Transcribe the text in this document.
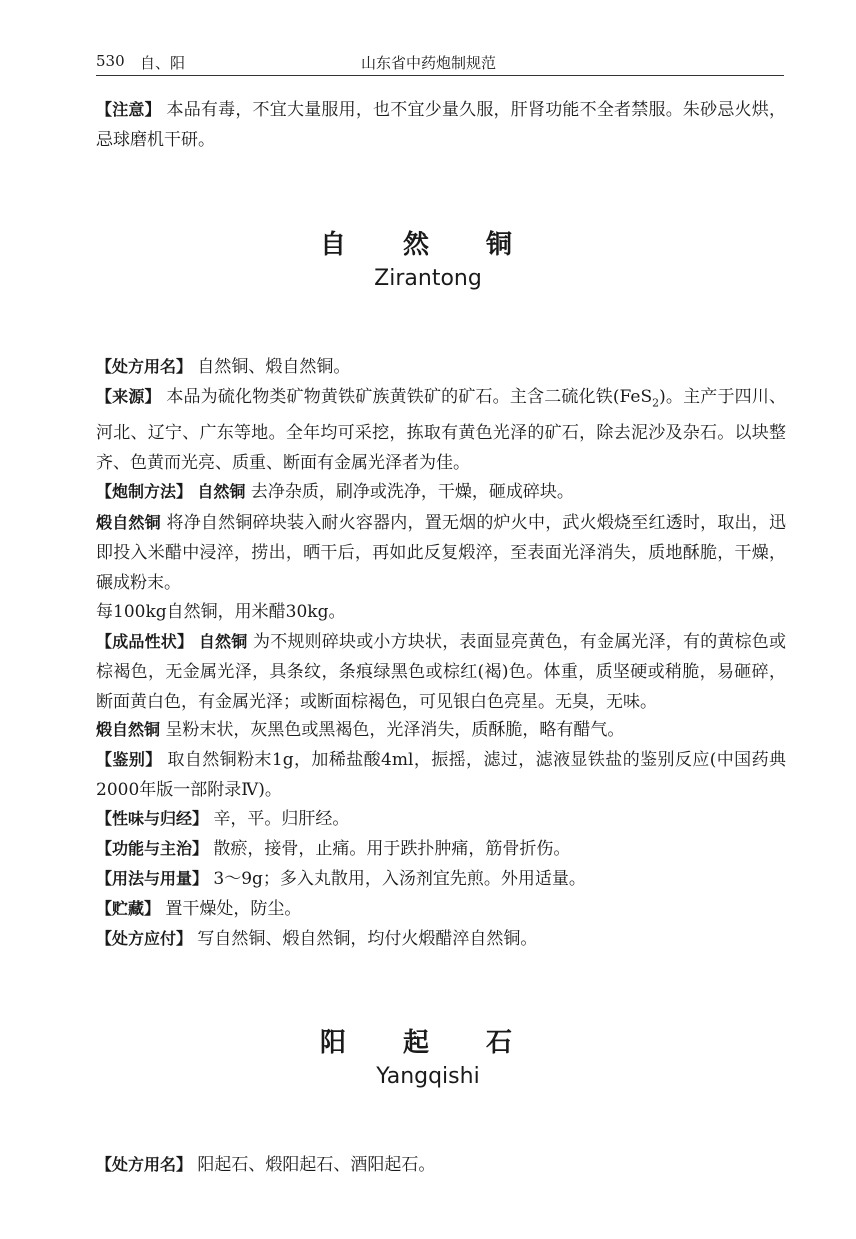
530 自、阳	山东省中药炮制规范

【注意】 本品有毒，不宜大量服用，也不宜少量久服，肝肾功能不全者禁服。朱砂忌火烘，忌球磨机干研。

自 然 铜
Zirantong

【处方用名】 自然铜、煅自然铜。

【来源】 本品为硫化物类矿物黄铁矿族黄铁矿的矿石。主含二硫化铁(FeS$_2$)。主产于四川、河北、辽宁、广东等地。全年均可采挖，拣取有黄色光泽的矿石，除去泥沙及杂石。以块整齐、色黄而光亮、质重、断面有金属光泽者为佳。

【炮制方法】 自然铜 去净杂质，刷净或洗净，干燥，砸成碎块。

煅自然铜 将净自然铜碎块装入耐火容器内，置无烟的炉火中，武火煅烧至红透时，取出，迅即投入米醋中浸淬，捞出，晒干后，再如此反复煅淬，至表面光泽消失，质地酥脆，干燥，碾成粉末。

每100kg自然铜，用米醋30kg。

【成品性状】 自然铜 为不规则碎块或小方块状，表面显亮黄色，有金属光泽，有的黄棕色或棕褐色，无金属光泽，具条纹，条痕绿黑色或棕红(褐)色。体重，质坚硬或稍脆，易砸碎，断面黄白色，有金属光泽；或断面棕褐色，可见银白色亮星。无臭，无味。

煅自然铜 呈粉末状，灰黑色或黑褐色，光泽消失，质酥脆，略有醋气。

【鉴别】 取自然铜粉末1g，加稀盐酸4ml，振摇，滤过，滤液显铁盐的鉴别反应(中国药典2000年版一部附录Ⅳ)。

【性味与归经】 辛，平。归肝经。

【功能与主治】 散瘀，接骨，止痛。用于跌扑肿痛，筋骨折伤。

【用法与用量】 3～9g；多入丸散用，入汤剂宜先煎。外用适量。

【贮藏】 置干燥处，防尘。

【处方应付】 写自然铜、煅自然铜，均付火煅醋淬自然铜。

阳 起 石
Yangqishi

【处方用名】 阳起石、煅阳起石、酒阳起石。
